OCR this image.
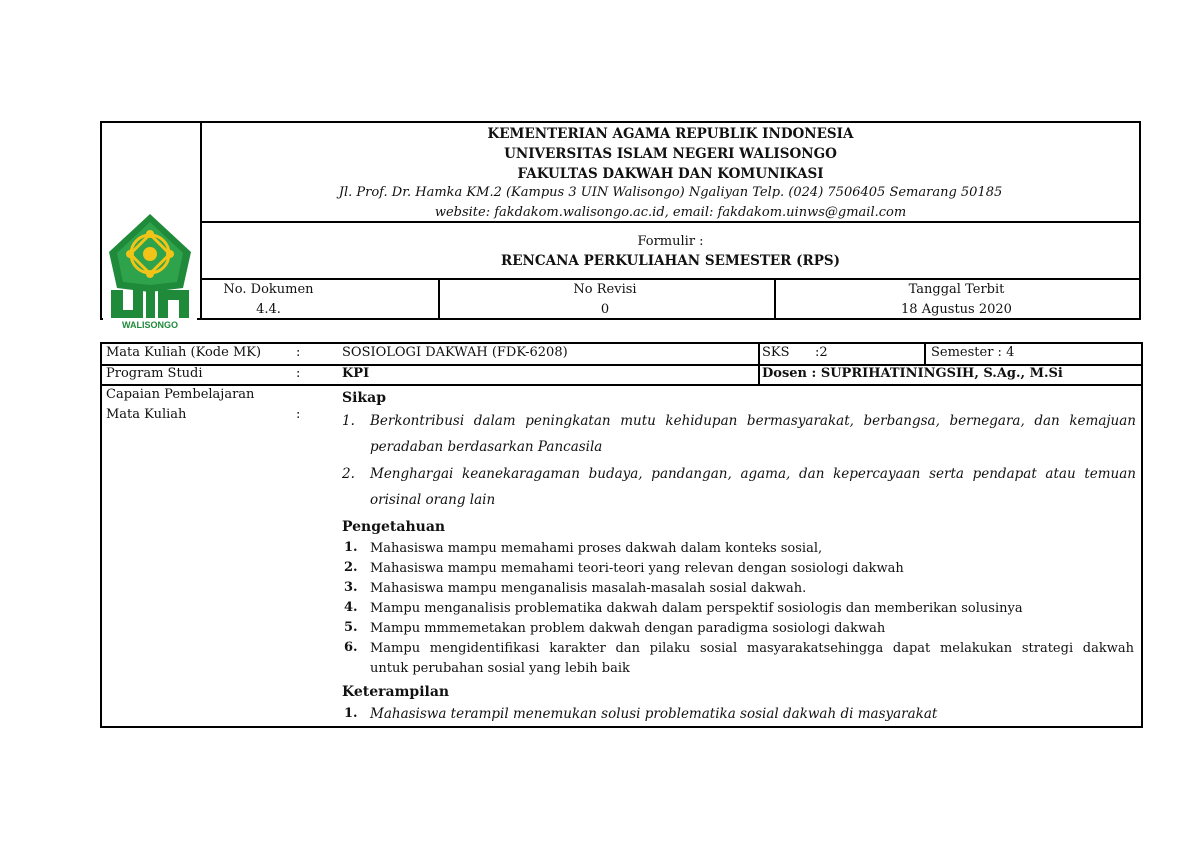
WALISONGO
KEMENTERIAN AGAMA REPUBLIK INDONESIA
UNIVERSITAS ISLAM NEGERI WALISONGO
FAKULTAS DAKWAH DAN KOMUNIKASI
Jl. Prof. Dr. Hamka KM.2 (Kampus 3 UIN Walisongo) Ngaliyan Telp. (024) 7506405 Semarang 50185
website: fakdakom.walisongo.ac.id, email: fakdakom.uinws@gmail.com
Formulir :
RENCANA PERKULIAHAN SEMESTER (RPS)
No. Dokumen
4.4.
No Revisi
0
Tanggal Terbit
18 Agustus 2020
Mata Kuliah (Kode MK)	:	SOSIOLOGI DAKWAH (FDK-6208)	SKS :2	Semester : 4
Program Studi	:	KPI	Dosen : SUPRIHATININGSIH, S.Ag., M.Si
Capaian Pembelajaran
Mata Kuliah	:
Sikap
1. Berkontribusi dalam peningkatan mutu kehidupan bermasyarakat, berbangsa, bernegara, dan kemajuan
peradaban berdasarkan Pancasila
2. Menghargai keanekaragaman budaya, pandangan, agama, dan kepercayaan serta pendapat atau temuan
orisinal orang lain
Pengetahuan
1. Mahasiswa mampu memahami proses dakwah dalam konteks sosial,
2. Mahasiswa mampu memahami teori-teori yang relevan dengan sosiologi dakwah
3. Mahasiswa mampu menganalisis masalah-masalah sosial dakwah.
4. Mampu menganalisis problematika dakwah dalam perspektif sosiologis dan memberikan solusinya
5. Mampu mmmemetakan problem dakwah dengan paradigma sosiologi dakwah
6. Mampu mengidentifikasi karakter dan pilaku sosial masyarakatsehingga dapat melakukan strategi dakwah
untuk perubahan sosial yang lebih baik
Keterampilan
1. Mahasiswa terampil menemukan solusi problematika sosial dakwah di masyarakat
